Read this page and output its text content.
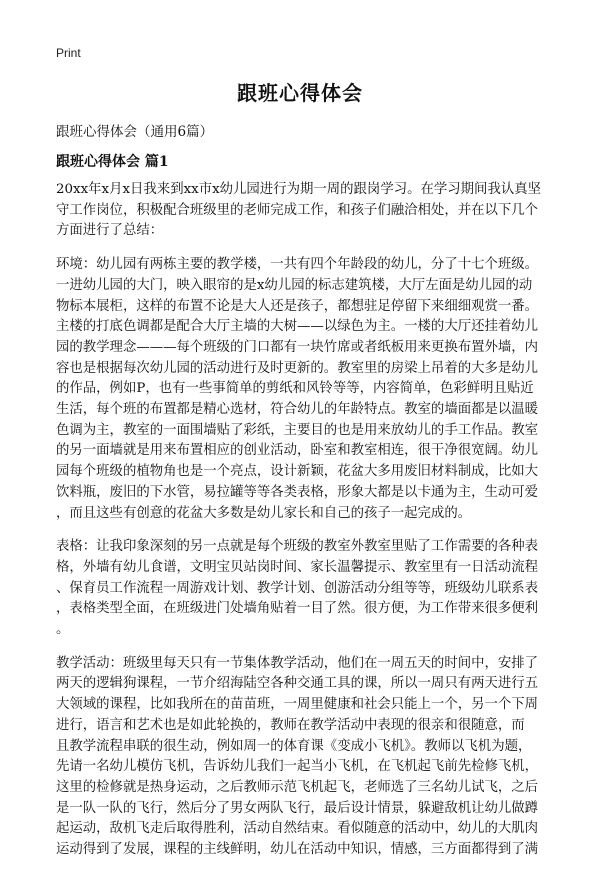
Print
跟班心得体会

跟班心得体会（通用6篇）

跟班心得体会 篇1

20xx年x月x日我来到xx市x幼儿园进行为期一周的跟岗学习。在学习期间我认真坚
守工作岗位，积极配合班级里的老师完成工作，和孩子们融洽相处，并在以下几个
方面进行了总结：

环境：幼儿园有两栋主要的教学楼，一共有四个年龄段的幼儿，分了十七个班级。
一进幼儿园的大门，映入眼帘的是x幼儿园的标志建筑楼，大厅左面是幼儿园的动
物标本展柜，这样的布置不论是大人还是孩子，都想驻足停留下来细细观赏一番。
主楼的打底色调都是配合大厅主墙的大树——以绿色为主。一楼的大厅还挂着幼儿
园的教学理念———每个班级的门口都有一块竹席或者纸板用来更换布置外墙，内
容也是根据每次幼儿园的活动进行及时更新的。教室里的房梁上吊着的大多是幼儿
的作品，例如P，也有一些事简单的剪纸和风铃等等，内容简单，色彩鲜明且贴近
生活，每个班的布置都是精心选材，符合幼儿的年龄特点。教室的墙面都是以温暖
色调为主，教室的一面围墙贴了彩纸，主要目的也是用来放幼儿的手工作品。教室
的另一面墙就是用来布置相应的创业活动，卧室和教室相连，很干净很宽阔。幼儿
园每个班级的植物角也是一个亮点，设计新颖，花盆大多用废旧材料制成，比如大
饮料瓶，废旧的下水管，易拉罐等等各类表格，形象大都是以卡通为主，生动可爱
，而且这些有创意的花盆大多数是幼儿家长和自己的孩子一起完成的。

表格：让我印象深刻的另一点就是每个班级的教室外教室里贴了工作需要的各种表
格，外墙有幼儿食谱，文明宝贝站岗时间、家长温馨提示、教室里有一日活动流程
、保育员工作流程一周游戏计划、教学计划、创游活动分组等等，班级幼儿联系表
，表格类型全面，在班级进门处墙角贴着一目了然。很方便，为工作带来很多便利
。

教学活动：班级里每天只有一节集体教学活动，他们在一周五天的时间中，安排了
两天的逻辑狗课程，一节介绍海陆空各种交通工具的课，所以一周只有两天进行五
大领域的课程，比如我所在的苗苗班，一周里健康和社会只能上一个，另一个下周
进行，语言和艺术也是如此轮换的，教师在教学活动中表现的很亲和很随意，而
且教学流程串联的很生动，例如周一的体育课《变成小飞机》。教师以飞机为题，
先请一名幼儿模仿飞机，告诉幼儿我们一起当小飞机，在飞机起飞前先检修飞机，
这里的检修就是热身运动，之后教师示范飞机起飞，老师选了三名幼儿试飞，之后
是一队一队的飞行，然后分了男女两队飞行，最后设计情景，躲避敌机让幼儿做蹲
起运动，敌机飞走后取得胜利，活动自然结束。看似随意的活动中，幼儿的大肌肉
运动得到了发展，课程的主线鲜明，幼儿在活动中知识，情感，三方面都得到了满
